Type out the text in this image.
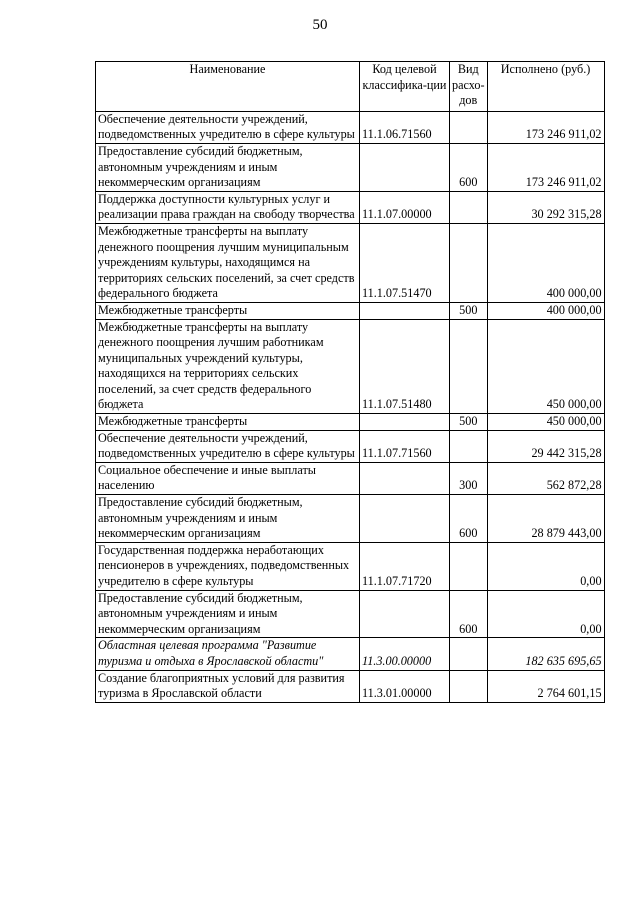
50
Наименование	Код целевой классифика-ции	Вид расхо-дов	Исполнено (руб.)
Обеспечение деятельности учреждений, подведомственных учредителю в сфере культуры	11.1.06.71560		173 246 911,02
Предоставление субсидий бюджетным, автономным учреждениям и иным некоммерческим организациям		600	173 246 911,02
Поддержка доступности культурных услуг и реализации права граждан на свободу творчества	11.1.07.00000		30 292 315,28
Межбюджетные трансферты на выплату денежного поощрения лучшим муниципальным учреждениям культуры, находящимся на территориях сельских поселений, за счет средств федерального бюджета	11.1.07.51470		400 000,00
Межбюджетные трансферты		500	400 000,00
Межбюджетные трансферты на выплату денежного поощрения лучшим работникам муниципальных учреждений культуры, находящихся на территориях сельских поселений, за счет средств федерального бюджета	11.1.07.51480		450 000,00
Межбюджетные трансферты		500	450 000,00
Обеспечение деятельности учреждений, подведомственных учредителю в сфере культуры	11.1.07.71560		29 442 315,28
Социальное обеспечение и иные выплаты населению		300	562 872,28
Предоставление субсидий бюджетным, автономным учреждениям и иным некоммерческим организациям		600	28 879 443,00
Государственная поддержка неработающих пенсионеров в учреждениях, подведомственных учредителю в сфере культуры	11.1.07.71720		0,00
Предоставление субсидий бюджетным, автономным учреждениям и иным некоммерческим организациям		600	0,00
Областная целевая программа "Развитие туризма и отдыха в Ярославской области"	11.3.00.00000		182 635 695,65
Создание благоприятных условий для развития туризма в Ярославской области	11.3.01.00000		2 764 601,15
